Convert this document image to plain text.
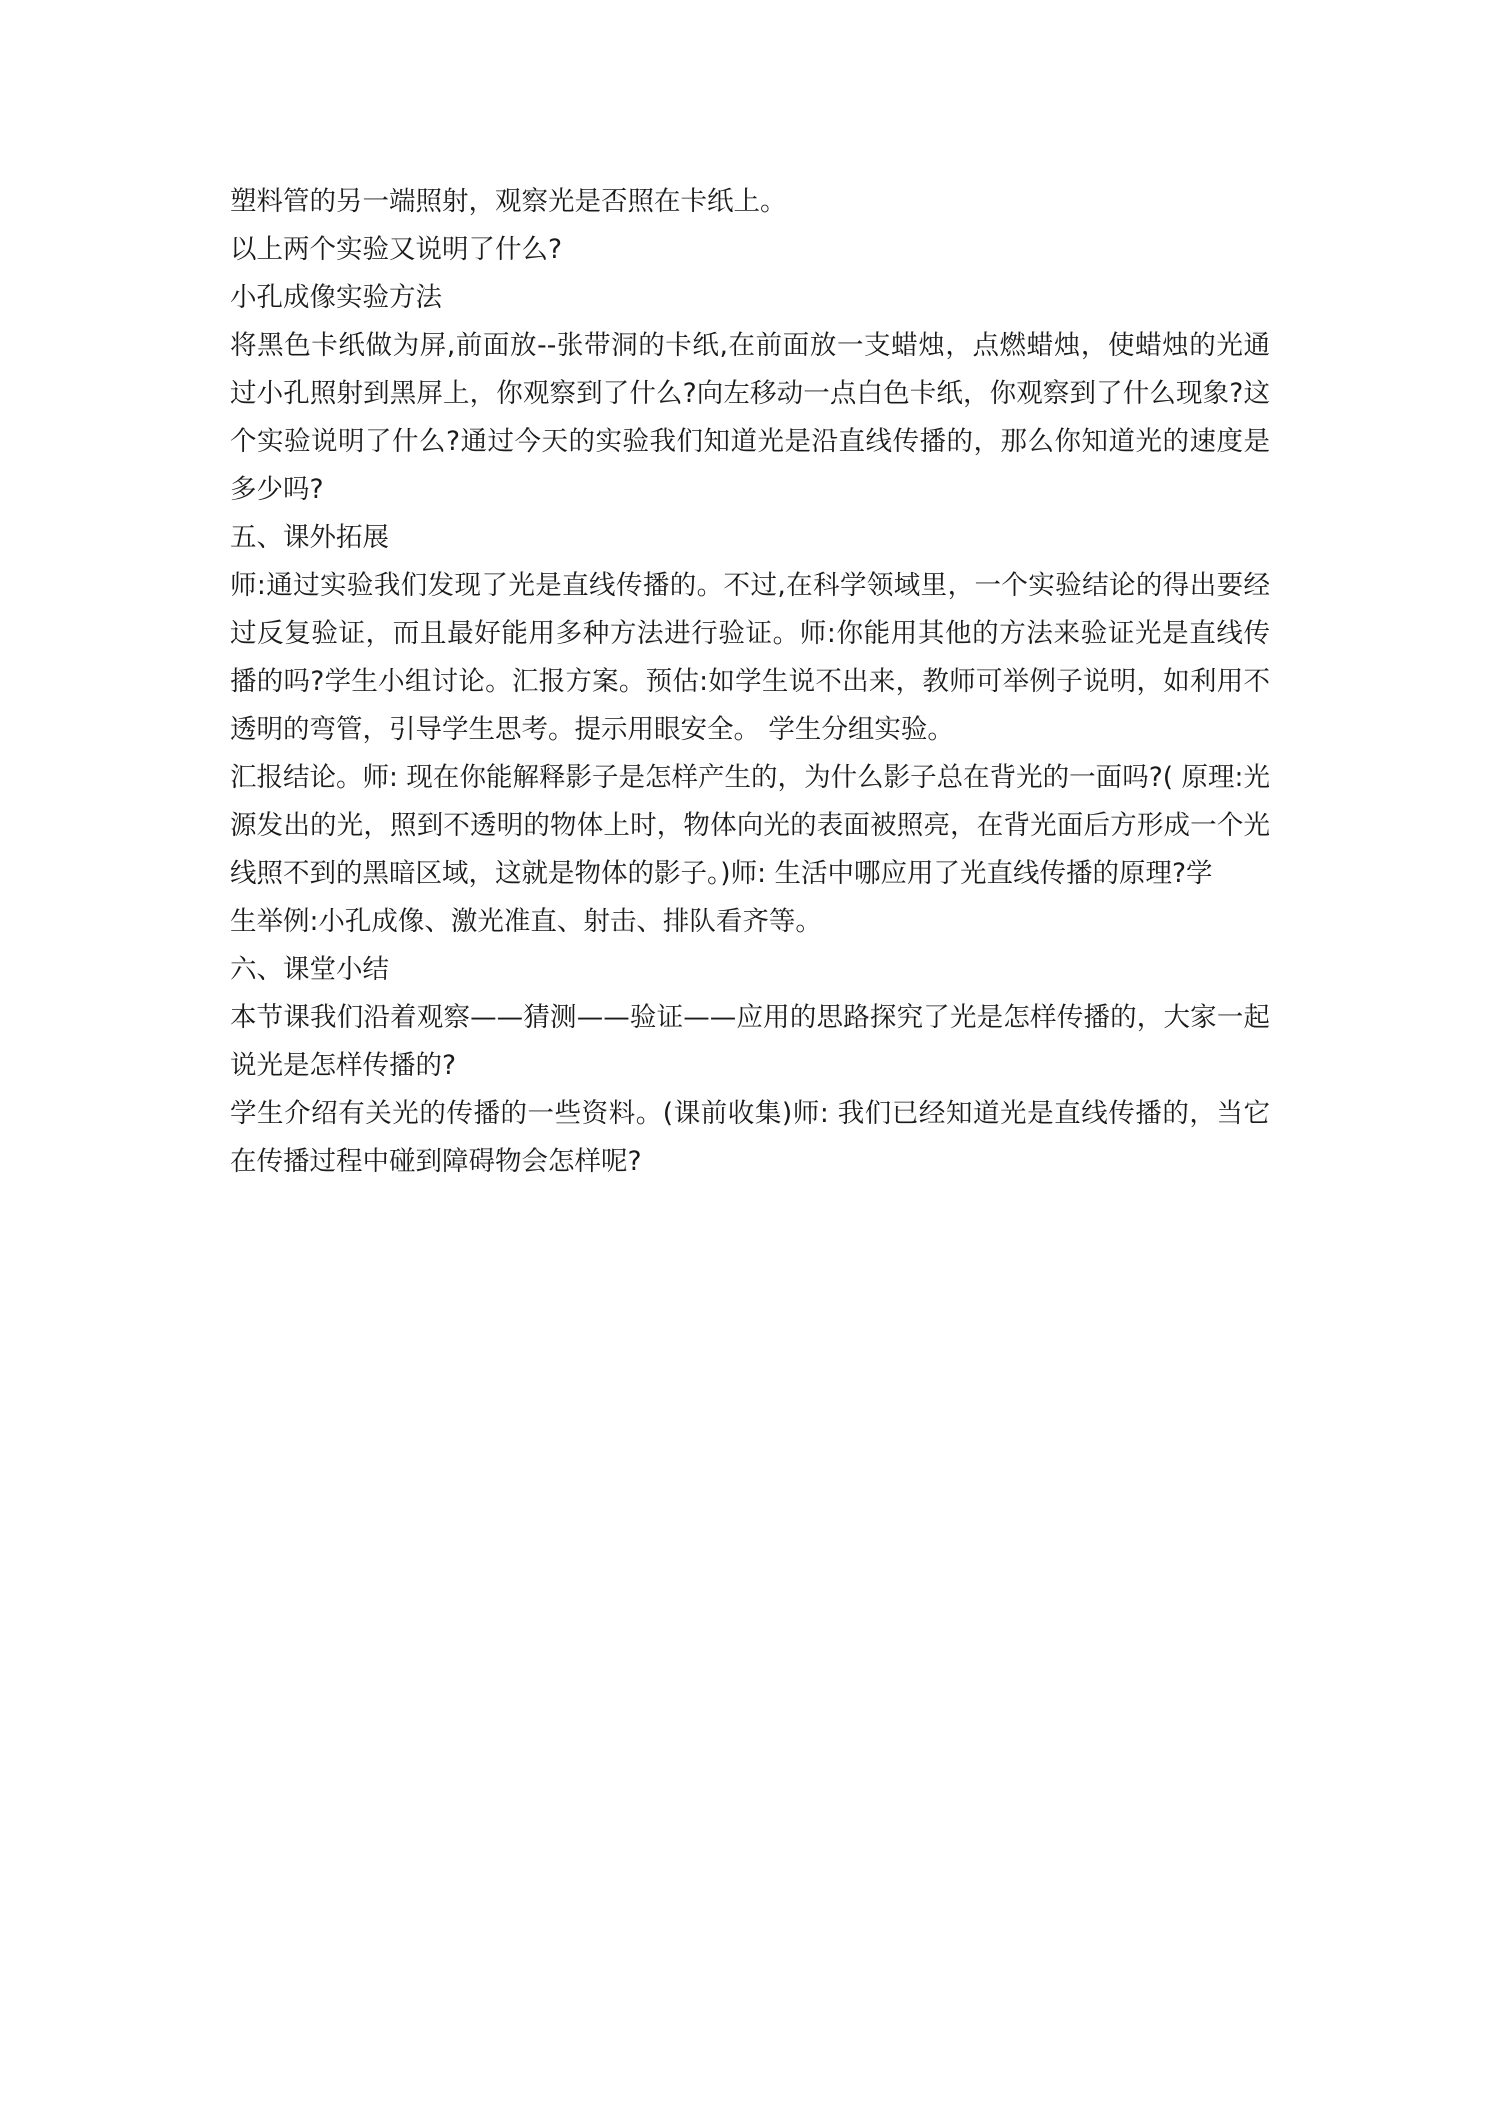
塑料管的另一端照射，观察光是否照在卡纸上。

以上两个实验又说明了什么?

小孔成像实验方法

将黑色卡纸做为屏,前面放--张带洞的卡纸,在前面放一支蜡烛，点燃蜡烛，使蜡烛的光通过小孔照射到黑屏上，你观察到了什么?向左移动一点白色卡纸，你观察到了什么现象?这个实验说明了什么?通过今天的实验我们知道光是沿直线传播的，那么你知道光的速度是多少吗?

五、课外拓展

师:通过实验我们发现了光是直线传播的。不过,在科学领域里，一个实验结论的得出要经过反复验证，而且最好能用多种方法进行验证。师:你能用其他的方法来验证光是直线传播的吗?学生小组讨论。汇报方案。预估:如学生说不出来，教师可举例子说明，如利用不透明的弯管，引导学生思考。提示用眼安全。 学生分组实验。

汇报结论。师: 现在你能解释影子是怎样产生的，为什么影子总在背光的一面吗?( 原理:光源发出的光，照到不透明的物体上时，物体向光的表面被照亮，在背光面后方形成一个光线照不到的黑暗区域，这就是物体的影子。)师: 生活中哪应用了光直线传播的原理?学

生举例:小孔成像、激光准直、射击、排队看齐等。

六、课堂小结

本节课我们沿着观察——猜测——验证——应用的思路探究了光是怎样传播的，大家一起说光是怎样传播的?

学生介绍有关光的传播的一些资料。(课前收集)师: 我们已经知道光是直线传播的，当它在传播过程中碰到障碍物会怎样呢?
